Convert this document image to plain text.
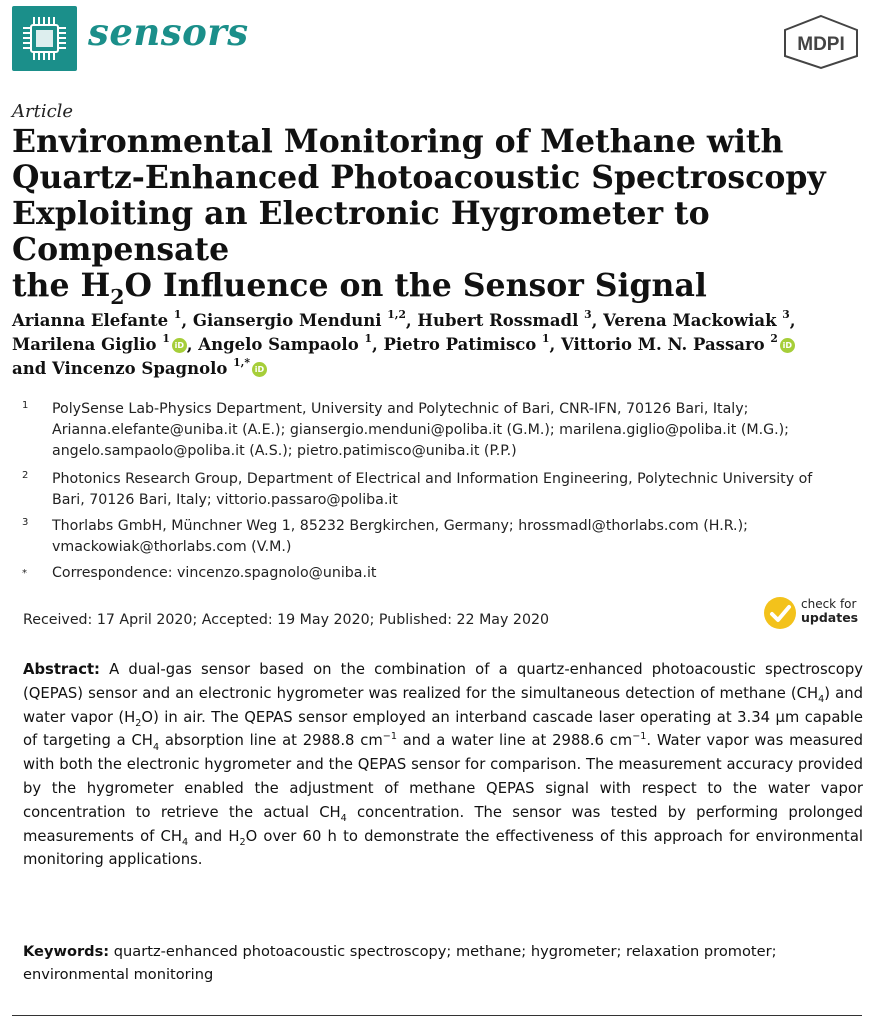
sensors	MDPI
Article
Environmental Monitoring of Methane with
Quartz-Enhanced Photoacoustic Spectroscopy
Exploiting an Electronic Hygrometer to Compensate
the $H_2O$ Influence on the Sensor Signal
Arianna Elefante $^1$, Giansergio Menduni $^{1,2}$, Hubert Rossmadl $^3$, Verena Mackowiak $^3$,
Marilena Giglio $^1$iD , Angelo Sampaolo $^1$, Pietro Patimisco $^1$, Vittorio M. N. Passaro $^2$iD
and Vincenzo Spagnolo $^{1,*}$iD
1 PolySense Lab-Physics Department, University and Polytechnic of Bari, CNR-IFN, 70126 Bari, Italy;
Arianna.elefante@uniba.it (A.E.); giansergio.menduni@poliba.it (G.M.); marilena.giglio@poliba.it (M.G.);
angelo.sampaolo@poliba.it (A.S.); pietro.patimisco@uniba.it (P.P.)
2 Photonics Research Group, Department of Electrical and Information Engineering, Polytechnic University of
Bari, 70126 Bari, Italy; vittorio.passaro@poliba.it
3 Thorlabs GmbH, Münchner Weg 1, 85232 Bergkirchen, Germany; hrossmadl@thorlabs.com (H.R.);
vmackowiak@thorlabs.com (V.M.)
* Correspondence: vincenzo.spagnolo@uniba.it
Received: 17 April 2020; Accepted: 19 May 2020; Published: 22 May 2020
check for
updates
Abstract: A dual-gas sensor based on the combination of a quartz-enhanced photoacoustic spectroscopy (QEPAS) sensor and an electronic hygrometer was realized for the simultaneous detection of methane $(CH_4)$ and water vapor $(H_2O)$ in air. The QEPAS sensor employed an interband cascade laser operating at 3.34 µm capable of targeting a $CH_4$ absorption line at 2988.8 $cm^{-1}$ and a water line at 2988.6 $cm^{-1}$. Water vapor was measured with both the electronic hygrometer and the QEPAS sensor for comparison. The measurement accuracy provided by the hygrometer enabled the adjustment of methane QEPAS signal with respect to the water vapor concentration to retrieve the actual $CH_4$ concentration. The sensor was tested by performing prolonged measurements of $CH_4$ and $H_2O$ over 60 h to demonstrate the effectiveness of this approach for environmental monitoring applications.
Keywords: quartz-enhanced photoacoustic spectroscopy; methane; hygrometer; relaxation promoter; environmental monitoring
